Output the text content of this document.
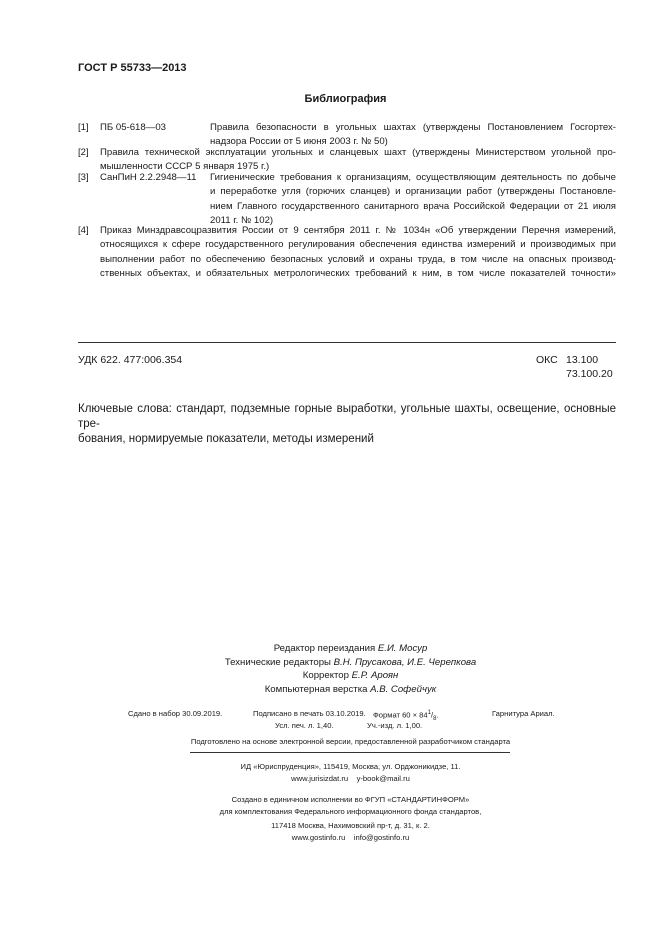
ГОСТ Р 55733—2013
Библиография
[1] ПБ 05-618—03	Правила безопасности в угольных шахтах (утверждены Постановлением Госгортех-
надзора России от 5 июня 2003 г. № 50)
[2] Правила технической эксплуатации угольных и сланцевых шахт (утверждены Министерством угольной про-
мышленности СССР 5 января 1975 г.)
[3] СанПиН 2.2.2948—11 Гигиенические требования к организациям, осуществляющим деятельность по добыче
и переработке угля (горючих сланцев) и организации работ (утверждены Постановле-
нием Главного государственного санитарного врача Российской Федерации от 21 июля
2011 г. № 102)
[4] Приказ Минздравсоцразвития России от 9 сентября 2011 г. № 1034н «Об утверждении Перечня измерений,
относящихся к сфере государственного регулирования обеспечения единства измерений и производимых при
выполнении работ по обеспечению безопасных условий и охраны труда, в том числе на опасных производ-
ственных объектах, и обязательных метрологических требований к ним, в том числе показателей точности»
УДК 622. 477:006.354	ОКС 13.100
73.100.20
Ключевые слова: стандарт, подземные горные выработки, угольные шахты, освещение, основные тре-
бования, нормируемые показатели, методы измерений
Редактор переиздания Е.И. Мосур
Технические редакторы В.Н. Прусакова, И.Е. Черепкова
Корректор Е.Р. Ароян
Компьютерная верстка А.В. Софейчук
Сдано в набор 30.09.2019.	Подписано в печать 03.10.2019. Формат $60 \times 84^1/_8$.	Гарнитура Ариал.
Усл. печ. л. 1,40.	Уч.-изд. л. 1,00.
Подготовлено на основе электронной версии, предоставленной разработчиком стандарта
ИД «Юриспруденция», 115419, Москва, ул. Орджоникидзе, 11.
www.jurisizdat.ru y-book@mail.ru
Создано в единичном исполнении во ФГУП «СТАНДАРТИНФОРМ»
для комплектования Федерального информационного фонда стандартов,
117418 Москва, Нахимовский пр-т, д. 31, к. 2.
www.gostinfo.ru info@gostinfo.ru
